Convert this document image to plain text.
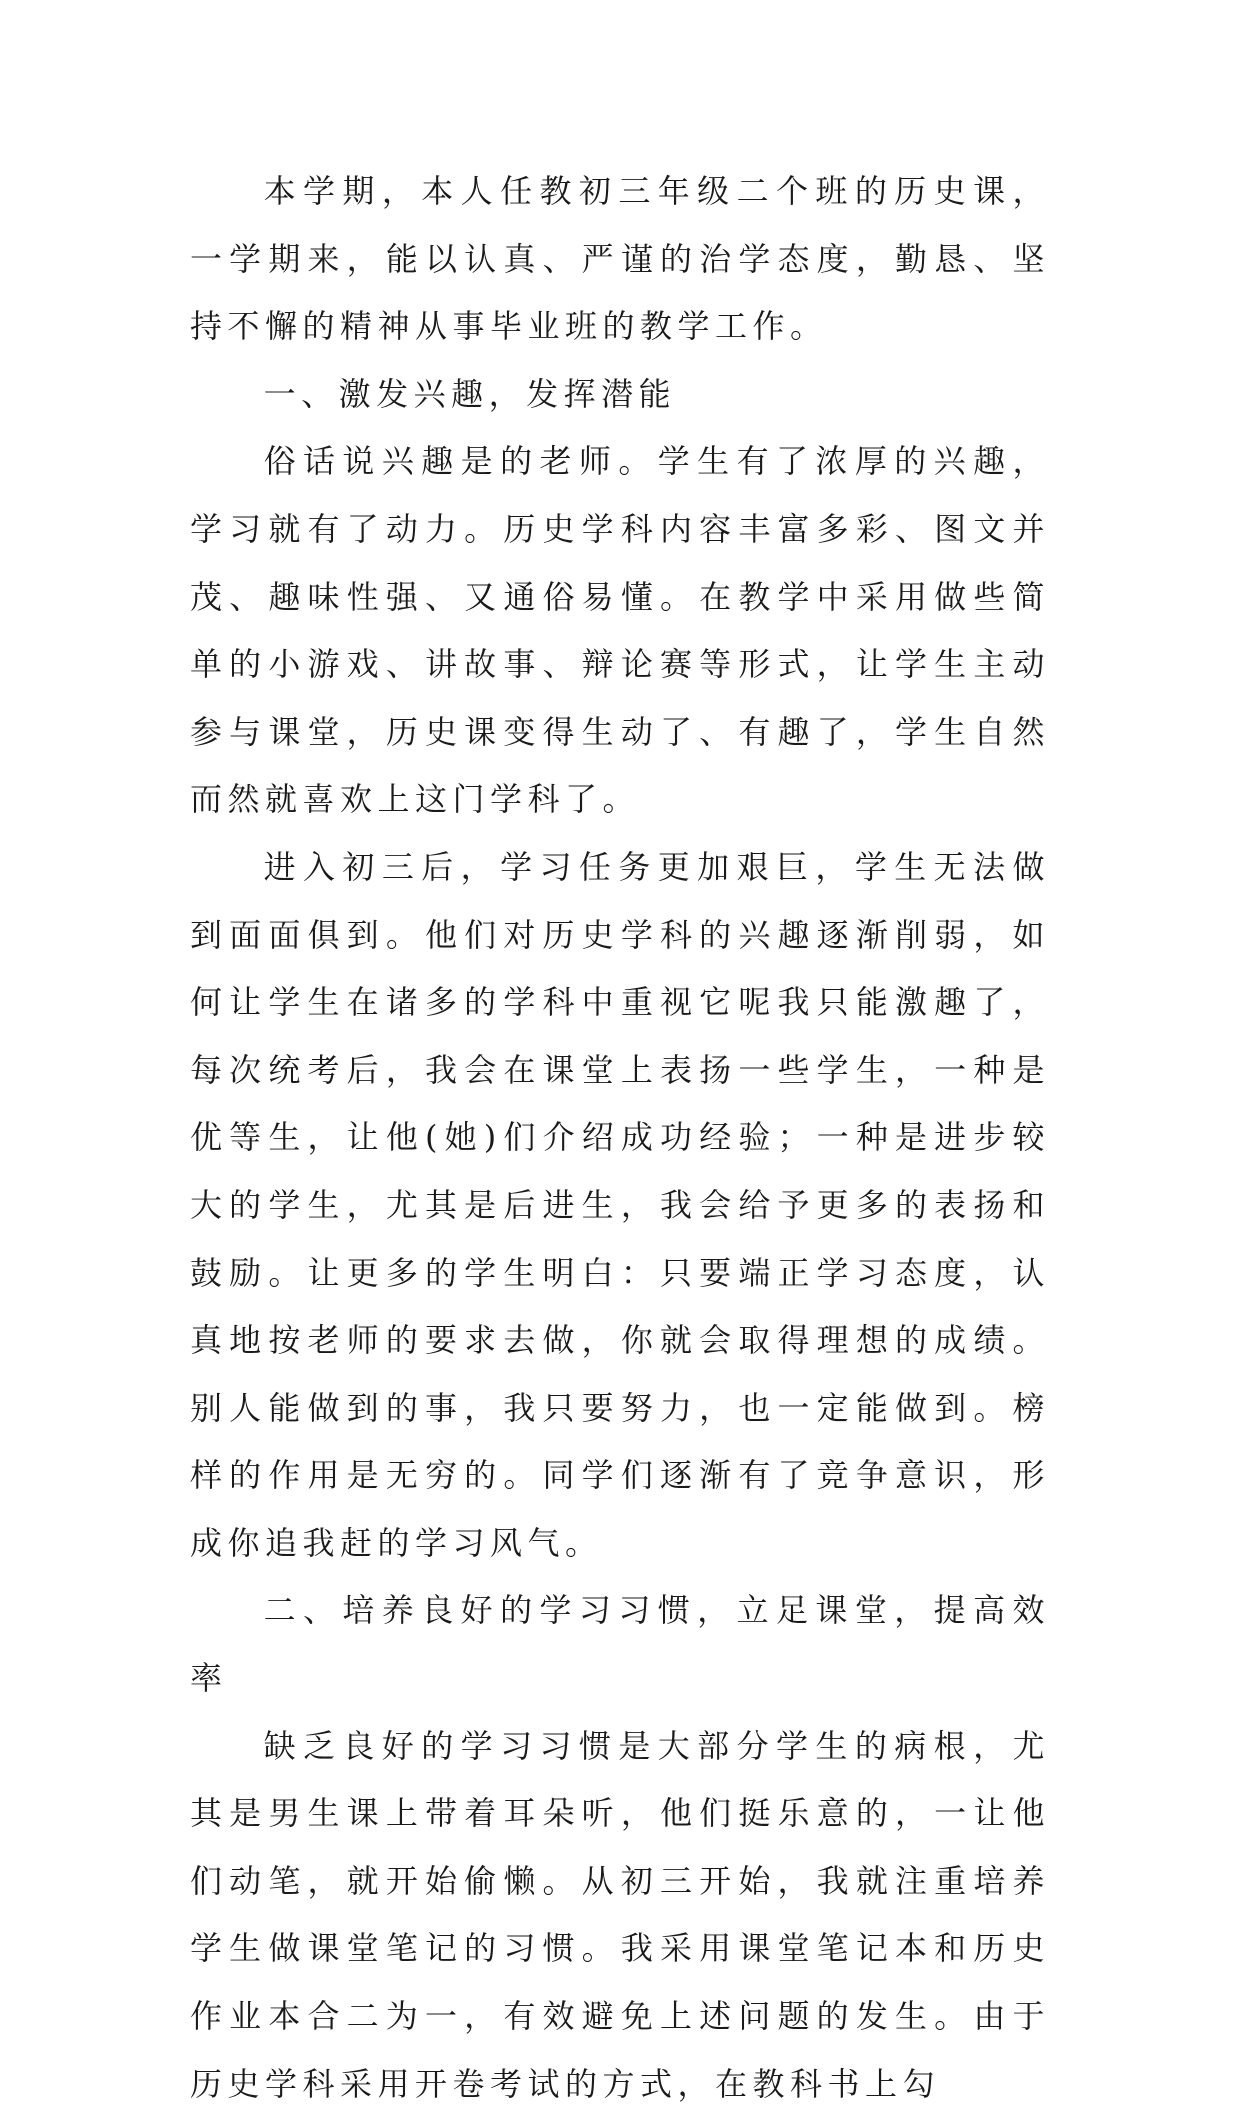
本学期，本人任教初三年级二个班的历史课，一学期来，能以认真、严谨的治学态度，勤恳、坚持不懈的精神从事毕业班的教学工作。

一、激发兴趣，发挥潜能

俗话说兴趣是的老师。学生有了浓厚的兴趣，学习就有了动力。历史学科内容丰富多彩、图文并茂、趣味性强、又通俗易懂。在教学中采用做些简单的小游戏、讲故事、辩论赛等形式，让学生主动参与课堂，历史课变得生动了、有趣了，学生自然而然就喜欢上这门学科了。

进入初三后，学习任务更加艰巨，学生无法做到面面俱到。他们对历史学科的兴趣逐渐削弱，如何让学生在诸多的学科中重视它呢我只能激趣了，每次统考后，我会在课堂上表扬一些学生，一种是优等生，让他(她)们介绍成功经验；一种是进步较大的学生，尤其是后进生，我会给予更多的表扬和鼓励。让更多的学生明白：只要端正学习态度，认真地按老师的要求去做，你就会取得理想的成绩。别人能做到的事，我只要努力，也一定能做到。榜样的作用是无穷的。同学们逐渐有了竞争意识，形成你追我赶的学习风气。

二、培养良好的学习习惯，立足课堂，提高效率

缺乏良好的学习习惯是大部分学生的病根，尤其是男生课上带着耳朵听，他们挺乐意的，一让他们动笔，就开始偷懒。从初三开始，我就注重培养学生做课堂笔记的习惯。我采用课堂笔记本和历史作业本合二为一，有效避免上述问题的发生。由于历史学科采用开卷考试的方式，在教科书上勾
